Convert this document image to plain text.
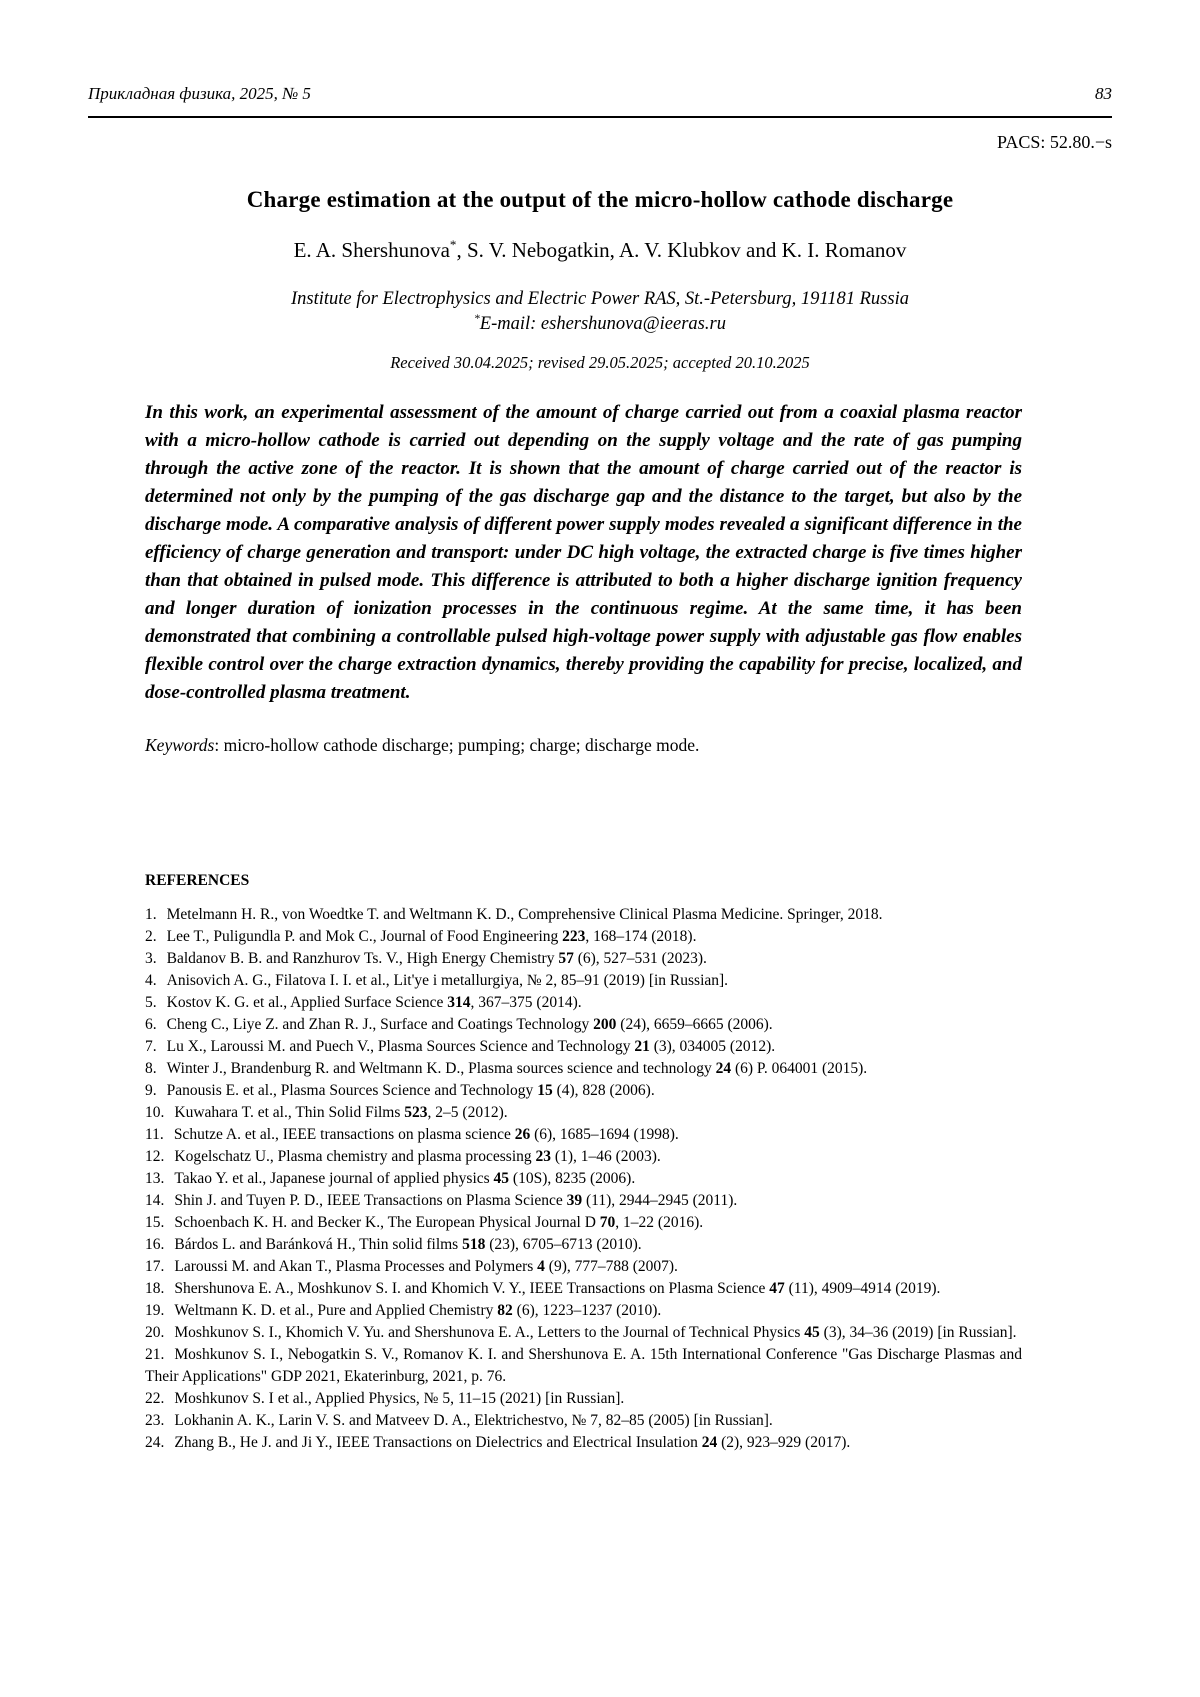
Прикладная физика, 2025, № 5	83
PACS: 52.80.−s
Charge estimation at the output of the micro-hollow cathode discharge
E. A. Shershunova*, S. V. Nebogatkin, A. V. Klubkov and K. I. Romanov
Institute for Electrophysics and Electric Power RAS, St.-Petersburg, 191181 Russia
*E-mail: eshershunova@ieeras.ru
Received 30.04.2025; revised 29.05.2025; accepted 20.10.2025

In this work, an experimental assessment of the amount of charge carried out from a coaxial plasma reactor with a micro-hollow cathode is carried out depending on the supply voltage and the rate of gas pumping through the active zone of the reactor. It is shown that the amount of charge carried out of the reactor is determined not only by the pumping of the gas discharge gap and the distance to the target, but also by the discharge mode. A comparative analysis of different power supply modes revealed a significant difference in the efficiency of charge generation and transport: under DC high voltage, the extracted charge is five times higher than that obtained in pulsed mode. This difference is attributed to both a higher discharge ignition frequency and longer duration of ionization processes in the continuous regime. At the same time, it has been demonstrated that combining a controllable pulsed high-voltage power supply with adjustable gas flow enables flexible control over the charge extraction dynamics, thereby providing the capability for precise, localized, and dose-controlled plasma treatment.

Keywords: micro-hollow cathode discharge; pumping; charge; discharge mode.

REFERENCES

1. Metelmann H. R., von Woedtke T. and Weltmann K. D., Comprehensive Clinical Plasma Medicine. Springer, 2018.

2. Lee T., Puligundla P. and Mok C., Journal of Food Engineering 223, 168–174 (2018).

3. Baldanov B. B. and Ranzhurov Ts. V., High Energy Chemistry 57 (6), 527–531 (2023).

4. Anisovich A. G., Filatova I. I. et al., Lit'ye i metallurgiya, № 2, 85–91 (2019) [in Russian].

5. Kostov K. G. et al., Applied Surface Science 314, 367–375 (2014).

6. Cheng C., Liye Z. and Zhan R. J., Surface and Coatings Technology 200 (24), 6659–6665 (2006).

7. Lu X., Laroussi M. and Puech V., Plasma Sources Science and Technology 21 (3), 034005 (2012).

8. Winter J., Brandenburg R. and Weltmann K. D., Plasma sources science and technology 24 (6) P. 064001 (2015).

9. Panousis E. et al., Plasma Sources Science and Technology 15 (4), 828 (2006).

10. Kuwahara T. et al., Thin Solid Films 523, 2–5 (2012).

11. Schutze A. et al., IEEE transactions on plasma science 26 (6), 1685–1694 (1998).

12. Kogelschatz U., Plasma chemistry and plasma processing 23 (1), 1–46 (2003).

13. Takao Y. et al., Japanese journal of applied physics 45 (10S), 8235 (2006).

14. Shin J. and Tuyen P. D., IEEE Transactions on Plasma Science 39 (11), 2944–2945 (2011).

15. Schoenbach K. H. and Becker K., The European Physical Journal D 70, 1–22 (2016).

16. Bárdos L. and Baránková H., Thin solid films 518 (23), 6705–6713 (2010).

17. Laroussi M. and Akan T., Plasma Processes and Polymers 4 (9), 777–788 (2007).

18. Shershunova E. A., Moshkunov S. I. and Khomich V. Y., IEEE Transactions on Plasma Science 47 (11), 4909–4914 (2019).

19. Weltmann K. D. et al., Pure and Applied Chemistry 82 (6), 1223–1237 (2010).

20. Moshkunov S. I., Khomich V. Yu. and Shershunova E. A., Letters to the Journal of Technical Physics 45 (3), 34–36 (2019) [in Russian].

21. Moshkunov S. I., Nebogatkin S. V., Romanov K. I. and Shershunova E. A. 15th International Conference "Gas Discharge Plasmas and Their Applications" GDP 2021, Ekaterinburg, 2021, p. 76.

22. Moshkunov S. I et al., Applied Physics, № 5, 11–15 (2021) [in Russian].

23. Lokhanin A. K., Larin V. S. and Matveev D. A., Elektrichestvo, № 7, 82–85 (2005) [in Russian].

24. Zhang B., He J. and Ji Y., IEEE Transactions on Dielectrics and Electrical Insulation 24 (2), 923–929 (2017).
